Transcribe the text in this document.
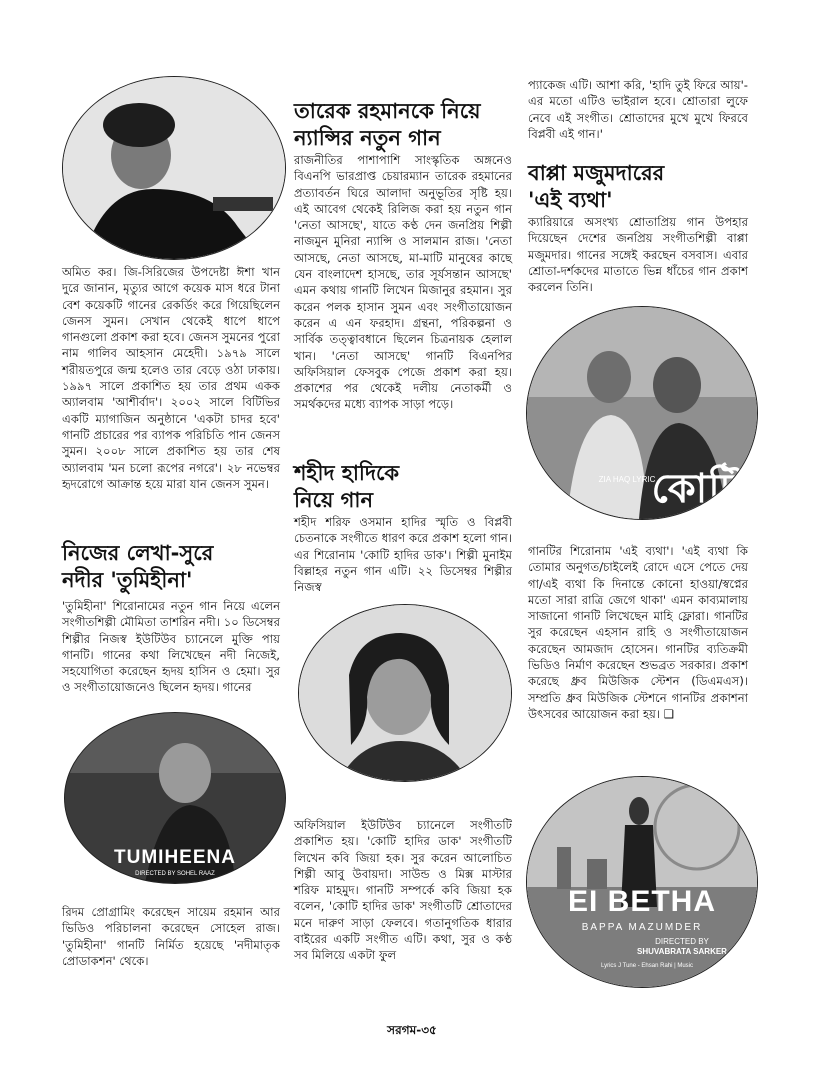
অমিত কর। জি-সিরিজের উপদেষ্টা ঈশা খান দুরে জানান, মৃত্যুর আগে কয়েক মাস ধরে টানা বেশ কয়েকটি গানের রেকর্ডিং করে গিয়েছিলেন জেনস সুমন। সেখান থেকেই ধাপে ধাপে গানগুলো প্রকাশ করা হবে। জেনস সুমনের পুরো নাম গালিব আহসান মেহেদী। ১৯৭৯ সালে শরীয়তপুরে জন্ম হলেও তার বেড়ে ওঠা ঢাকায়। ১৯৯৭ সালে প্রকাশিত হয় তার প্রথম একক অ্যালবাম 'আশীর্বাদ'। ২০০২ সালে বিটিভির একটি ম্যাগাজিন অনুষ্ঠানে 'একটা চাদর হবে' গানটি প্রচারের পর ব্যাপক পরিচিতি পান জেনস সুমন। ২০০৮ সালে প্রকাশিত হয় তার শেষ অ্যালবাম 'মন চলো রূপের নগরে'। ২৮ নভেম্বর হৃদরোগে আক্রান্ত হয়ে মারা যান জেনস সুমন।

নিজের লেখা-সুরে
নদীর 'তুমিহীনা'

'তুমিহীনা' শিরোনামের নতুন গান নিয়ে এলেন সংগীতশিল্পী মৌমিতা তাশরিন নদী। ১০ ডিসেম্বর শিল্পীর নিজস্ব ইউটিউব চ্যানেলে মুক্তি পায় গানটি। গানের কথা লিখেছেন নদী নিজেই, সহযোগিতা করেছেন হৃদয় হাসিন ও হেমা। সুর ও সংগীতায়োজনেও ছিলেন হৃদয়। গানের

TUMIHEENA
DIRECTED BY SOHEL RAAZ

রিদম প্রোগ্রামিং করেছেন সায়েম রহমান আর ভিডিও পরিচালনা করেছেন সোহেল রাজ। 'তুমিহীনা' গানটি নির্মিত হয়েছে 'নদীমাতৃক প্রোডাকশন' থেকে।

তারেক রহমানকে নিয়ে
ন্যান্সির নতুন গান

রাজনীতির পাশাপাশি সাংস্কৃতিক অঙ্গনেও বিএনপি ভারপ্রাপ্ত চেয়ারম্যান তারেক রহমানের প্রত্যাবর্তন ঘিরে আলাদা অনুভূতির সৃষ্টি হয়। এই আবেগ থেকেই রিলিজ করা হয় নতুন গান 'নেতা আসছে', যাতে কণ্ঠ দেন জনপ্রিয় শিল্পী নাজমুন মুনিরা ন্যান্সি ও সালমান রাজ। 'নেতা আসছে, নেতা আসছে, মা-মাটি মানুষের কাছে যেন বাংলাদেশ হাসছে, তার সূর্যসন্তান আসছে' এমন কথায় গানটি লিখেন মিজানুর রহমান। সুর করেন পলক হাসান সুমন এবং সংগীতায়োজন করেন এ এন ফরহাদ। গ্রন্থনা, পরিকল্পনা ও সার্বিক তত্ত্বাবধানে ছিলেন চিত্রনায়ক হেলাল খান। 'নেতা আসছে' গানটি বিএনপির অফিসিয়াল ফেসবুক পেজে প্রকাশ করা হয়। প্রকাশের পর থেকেই দলীয় নেতাকর্মী ও সমর্থকদের মধ্যে ব্যাপক সাড়া পড়ে।

শহীদ হাদিকে
নিয়ে গান

শহীদ শরিফ ওসমান হাদির স্মৃতি ও বিপ্লবী চেতনাকে সংগীতে ধারণ করে প্রকাশ হলো গান। এর শিরোনাম 'কোটি হাদির ডাক'। শিল্পী মুনাইম বিল্লাহর নতুন গান এটি। ২২ ডিসেম্বর শিল্পীর নিজস্ব

অফিসিয়াল ইউটিউব চ্যানেলে সংগীতটি প্রকাশিত হয়। 'কোটি হাদির ডাক' সংগীতটি লিখেন কবি জিয়া হক। সুর করেন আলোচিত শিল্পী আবু উবায়দা। সাউন্ড ও মিক্স মাস্টার শরিফ মাহমুদ। গানটি সম্পর্কে কবি জিয়া হক বলেন, 'কোটি হাদির ডাক' সংগীতটি শ্রোতাদের মনে দারুণ সাড়া ফেলবে। গতানুগতিক ধারার বাইরের একটি সংগীত এটি। কথা, সুর ও কণ্ঠ সব মিলিয়ে একটা ফুল

প্যাকেজ এটি। আশা করি, 'হাদি তুই ফিরে আয়'-এর মতো এটিও ভাইরাল হবে। শ্রোতারা লুফে নেবে এই সংগীত। শ্রোতাদের মুখে মুখে ফিরবে বিপ্লবী এই গান।'

বাপ্পা মজুমদারের
'এই ব্যথা'

ক্যারিয়ারে অসংখ্য শ্রোতাপ্রিয় গান উপহার দিয়েছেন দেশের জনপ্রিয় সংগীতশিল্পী বাপ্পা মজুমদার। গানের সঙ্গেই করছেন বসবাস। এবার শ্রোতা-দর্শকদের মাতাতে ভিন্ন ধাঁচের গান প্রকাশ করলেন তিনি।

কোটি
ZIA HAQ LYRIC

গানটির শিরোনাম 'এই ব্যথা'। 'এই ব্যথা কি তোমার অনুগত/চাইলেই রোদে এসে পেতে দেয় গা/এই ব্যথা কি দিনান্তে কোনো হাওয়া/স্বপ্নের মতো সারা রাত্রি জেগে থাকা' এমন কাব্যমালায় সাজানো গানটি লিখেছেন মাহি ফ্লোরা। গানটির সুর করেছেন এহসান রাহি ও সংগীতায়োজন করেছেন আমজাদ হোসেন। গানটির ব্যতিক্রমী ভিডিও নির্মাণ করেছেন শুভব্রত সরকার। প্রকাশ করেছে ধ্রুব মিউজিক স্টেশন (ডিএমএস)। সম্প্রতি ধ্রুব মিউজিক স্টেশনে গানটির প্রকাশনা উৎসবের আয়োজন করা হয়। ❑

EI BETHA
BAPPA MAZUMDER
DIRECTED BY
SHUVABRATA SARKER
Lyrics J Tune - Ehsan Rahi | Music
সরগম-৩৫
